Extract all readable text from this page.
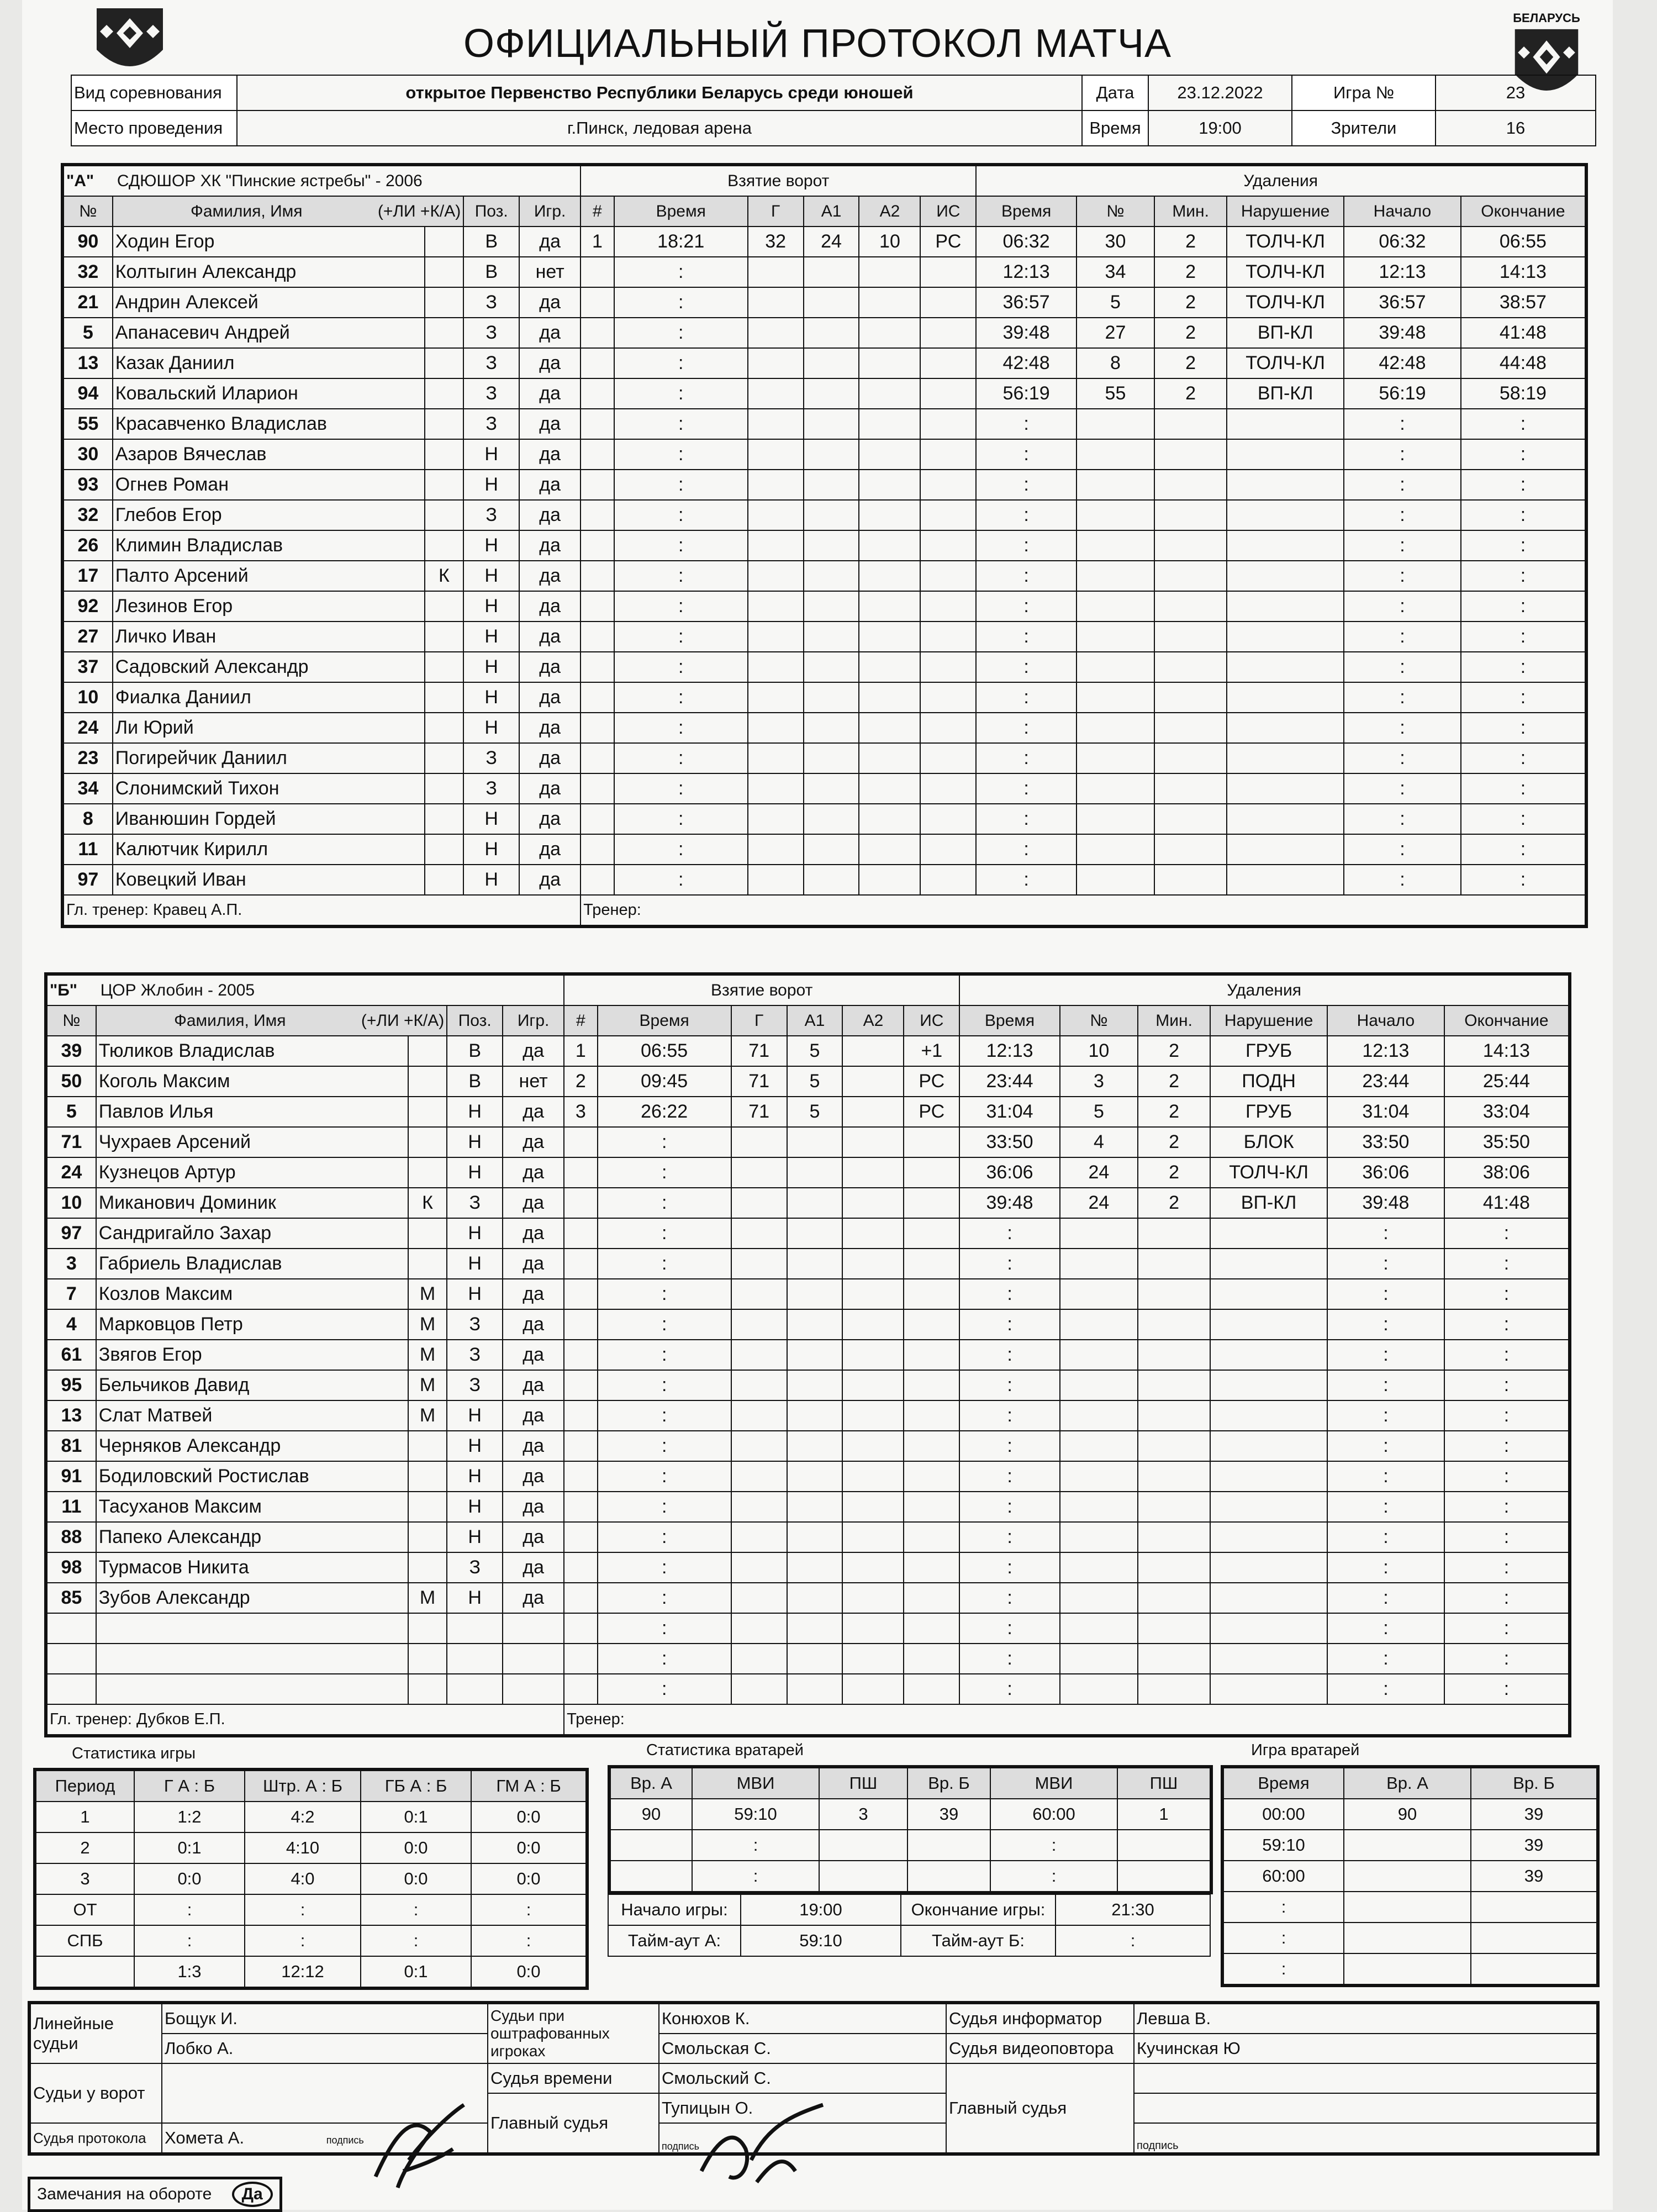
БЕЛАРУСЬ
ОФИЦИАЛЬНЫЙ ПРОТОКОЛ МАТЧА
Вид соревнования	открытое Первенство Республики Беларусь среди юношей	Дата	23.12.2022	Игра №	23
Место проведения	г.Пинск, ледовая арена	Время	19:00	Зрители	16
"А" СДЮШОР ХК "Пинские ястребы" - 2006					Взятие ворот						Удаления					
№	Фамилия, Имя (+ЛИ +К/А)		Поз.	Игр.	#	Время	Г	А1	А2	ИС	Время	№	Мин.	Нарушение	Начало	Окончание
90	Ходин Егор		В	да	1	18:21	32	24	10	РС	06:32	30	2	ТОЛЧ-КЛ	06:32	06:55
32	Колтыгин Александр		В	нет		:					12:13	34	2	ТОЛЧ-КЛ	12:13	14:13
21	Андрин Алексей		З	да		:					36:57	5	2	ТОЛЧ-КЛ	36:57	38:57
5	Апанасевич Андрей		З	да		:					39:48	27	2	ВП-КЛ	39:48	41:48
13	Казак Даниил		З	да		:					42:48	8	2	ТОЛЧ-КЛ	42:48	44:48
94	Ковальский Иларион		З	да		:					56:19	55	2	ВП-КЛ	56:19	58:19
55	Красавченко Владислав		З	да		:					:				:	:
30	Азаров Вячеслав		Н	да		:					:				:	:
93	Огнев Роман		Н	да		:					:				:	:
32	Глебов Егор		З	да		:					:				:	:
26	Климин Владислав		Н	да		:					:				:	:
17	Палто Арсений	К	Н	да		:					:				:	:
92	Лезинов Егор		Н	да		:					:				:	:
27	Личко Иван		Н	да		:					:				:	:
37	Садовский Александр		Н	да		:					:				:	:
10	Фиалка Даниил		Н	да		:					:				:	:
24	Ли Юрий		Н	да		:					:				:	:
23	Погирейчик Даниил		З	да		:					:				:	:
34	Слонимский Тихон		З	да		:					:				:	:
8	Иванюшин Гордей		Н	да		:					:				:	:
11	Калютчик Кирилл		Н	да		:					:				:	:
97	Ковецкий Иван		Н	да		:					:				:	:
Гл. тренер: Кравец А.П.					Тренер:											
"Б" ЦОР Жлобин - 2005					Взятие ворот						Удаления					
№	Фамилия, Имя (+ЛИ +К/А)		Поз.	Игр.	#	Время	Г	А1	А2	ИС	Время	№	Мин.	Нарушение	Начало	Окончание
39	Тюликов Владислав		В	да	1	06:55	71	5		+1	12:13	10	2	ГРУБ	12:13	14:13
50	Коголь Максим		В	нет	2	09:45	71	5		РС	23:44	3	2	ПОДН	23:44	25:44
5	Павлов Илья		Н	да	3	26:22	71	5		РС	31:04	5	2	ГРУБ	31:04	33:04
71	Чухраев Арсений		Н	да		:					33:50	4	2	БЛОК	33:50	35:50
24	Кузнецов Артур		Н	да		:					36:06	24	2	ТОЛЧ-КЛ	36:06	38:06
10	Миканович Доминик	К	З	да		:					39:48	24	2	ВП-КЛ	39:48	41:48
97	Сандригайло Захар		Н	да		:					:				:	:
3	Габриель Владислав		Н	да		:					:				:	:
7	Козлов Максим	М	Н	да		:					:				:	:
4	Марковцов Петр	М	З	да		:					:				:	:
61	Звягов Егор	М	З	да		:					:				:	:
95	Бельчиков Давид	М	З	да		:					:				:	:
13	Слат Матвей	М	Н	да		:					:				:	:
81	Черняков Александр		Н	да		:					:				:	:
91	Бодиловский Ростислав		Н	да		:					:				:	:
11	Тасуханов Максим		Н	да		:					:				:	:
88	Папеко Александр		Н	да		:					:				:	:
98	Турмасов Никита		З	да		:					:				:	:
85	Зубов Александр	М	Н	да		:					:				:	:
						:					:				:	:
						:					:				:	:
						:					:				:	:
Гл. тренер: Дубков Е.П.					Тренер:											
Статистика игры
Период	Г А : Б	Штр. А : Б	ГБ А : Б	ГМ А : Б
1	1:2	4:2	0:1	0:0
2	0:1	4:10	0:0	0:0
3	0:0	4:0	0:0	0:0
ОТ	:	:	:	:
СПБ	:	:	:	:
	1:3	12:12	0:1	0:0
Статистика вратарей
Вр. А	МВИ	ПШ	Вр. Б	МВИ	ПШ
90	59:10	3	39	60:00	1
	:			:	
	:			:	
Начало игры:	19:00	Окончание игры:	21:30
Тайм-аут А:	59:10	Тайм-аут Б:	:
Игра вратарей
Время	Вр. А	Вр. Б
00:00	90	39
59:10		39
60:00		39
:		
:		
:		
Линейные судьи	Бощук И.	Судьи при оштрафованных игроках	Конюхов К.	Судья информатор	Левша В.
	Лобко А.		Смольская С.	Судья видеоповтора	Кучинская Ю
Судьи у ворот		Судья времени	Смольский С.	Главный судья	
		Главный судья	Тупицын О.		
Судья протокола	Хомета А. подпись		подпись		подпись
Замечания на обороте Да
